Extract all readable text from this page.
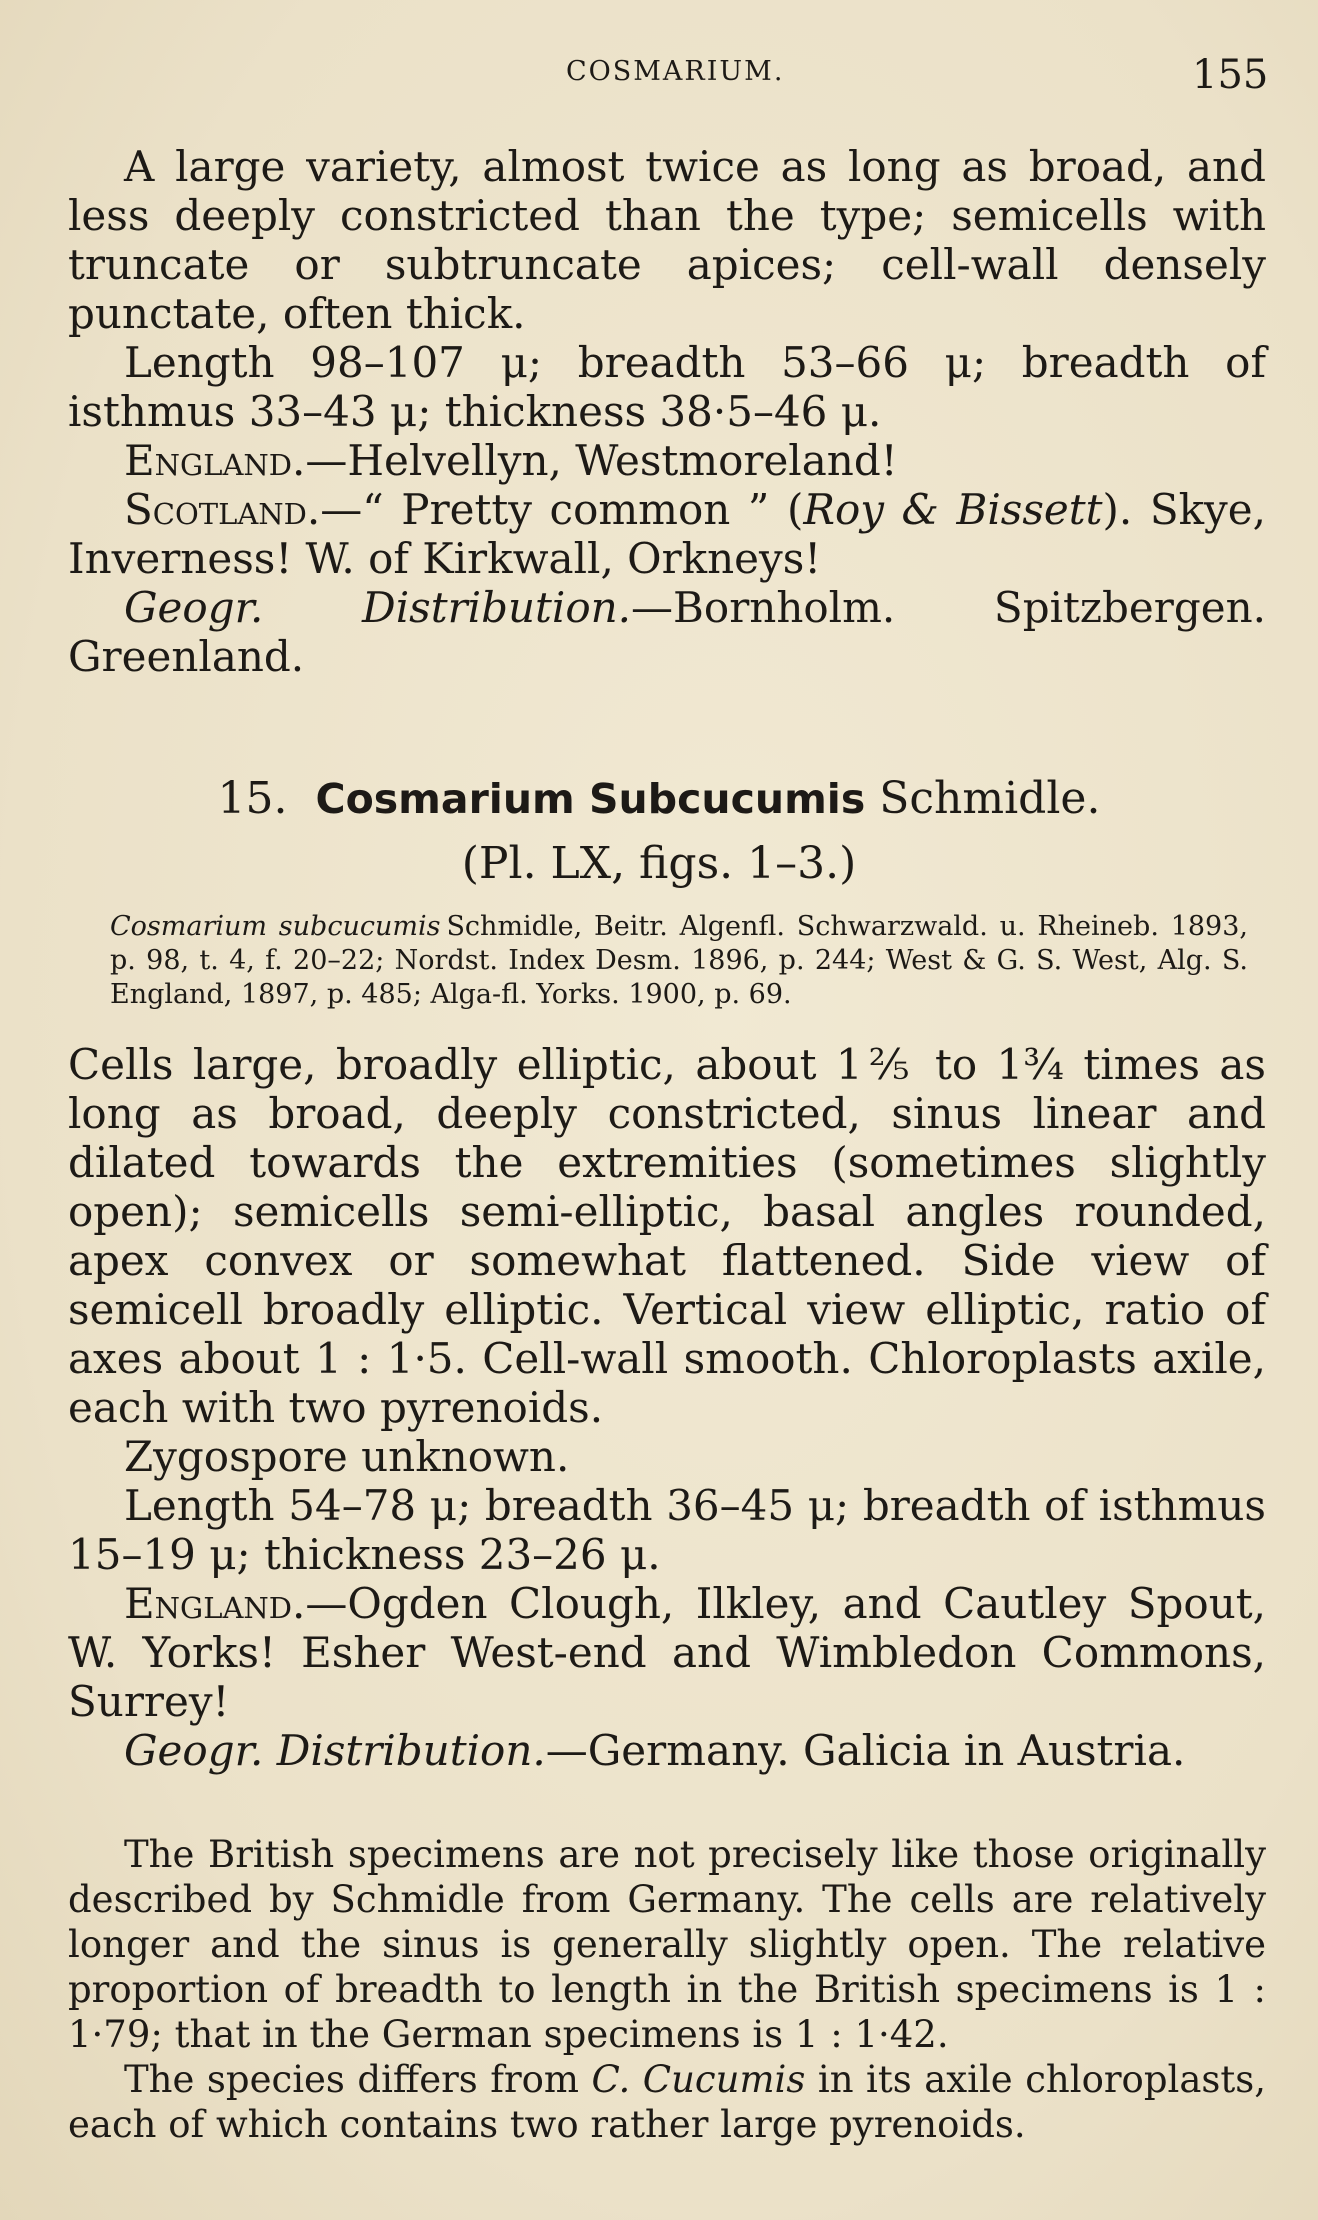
COSMARIUM.	155

A large variety, almost twice as long as broad, and less deeply constricted than the type; semicells with truncate or subtruncate apices; cell-wall densely punctate, often thick.

Length 98–107 μ; breadth 53–66 μ; breadth of isthmus 33–43 μ; thickness 38·5–46 μ.

England.—Helvellyn, Westmoreland!

Scotland.—“ Pretty common ” (Roy & Bissett). Skye, Inverness! W. of Kirkwall, Orkneys!

Geogr. Distribution.—Bornholm. Spitzbergen. Greenland.

15. Cosmarium Subcucumis Schmidle.
(Pl. LX, figs. 1–3.)
Cosmarium subcucumis Schmidle, Beitr. Algenfl. Schwarzwald. u. Rheineb. 1893, p. 98, t. 4, f. 20–22; Nordst. Index Desm. 1896, p. 244; West & G. S. West, Alg. S. England, 1897, p. 485; Alga-fl. Yorks. 1900, p. 69.

Cells large, broadly elliptic, about 1⅖ to 1¾ times as long as broad, deeply constricted, sinus linear and dilated towards the extremities (sometimes slightly open); semicells semi-elliptic, basal angles rounded, apex convex or somewhat flattened. Side view of semicell broadly elliptic. Vertical view elliptic, ratio of axes about 1 : 1·5. Cell-wall smooth. Chloroplasts axile, each with two pyrenoids.

Zygospore unknown.

Length 54–78 μ; breadth 36–45 μ; breadth of isthmus 15–19 μ; thickness 23–26 μ.

England.—Ogden Clough, Ilkley, and Cautley Spout, W. Yorks! Esher West-end and Wimbledon Commons, Surrey!

Geogr. Distribution.—Germany. Galicia in Austria.

The British specimens are not precisely like those originally described by Schmidle from Germany. The cells are relatively longer and the sinus is generally slightly open. The relative proportion of breadth to length in the British specimens is 1 : 1·79; that in the German specimens is 1 : 1·42.

The species differs from C. Cucumis in its axile chloroplasts, each of which contains two rather large pyrenoids.
